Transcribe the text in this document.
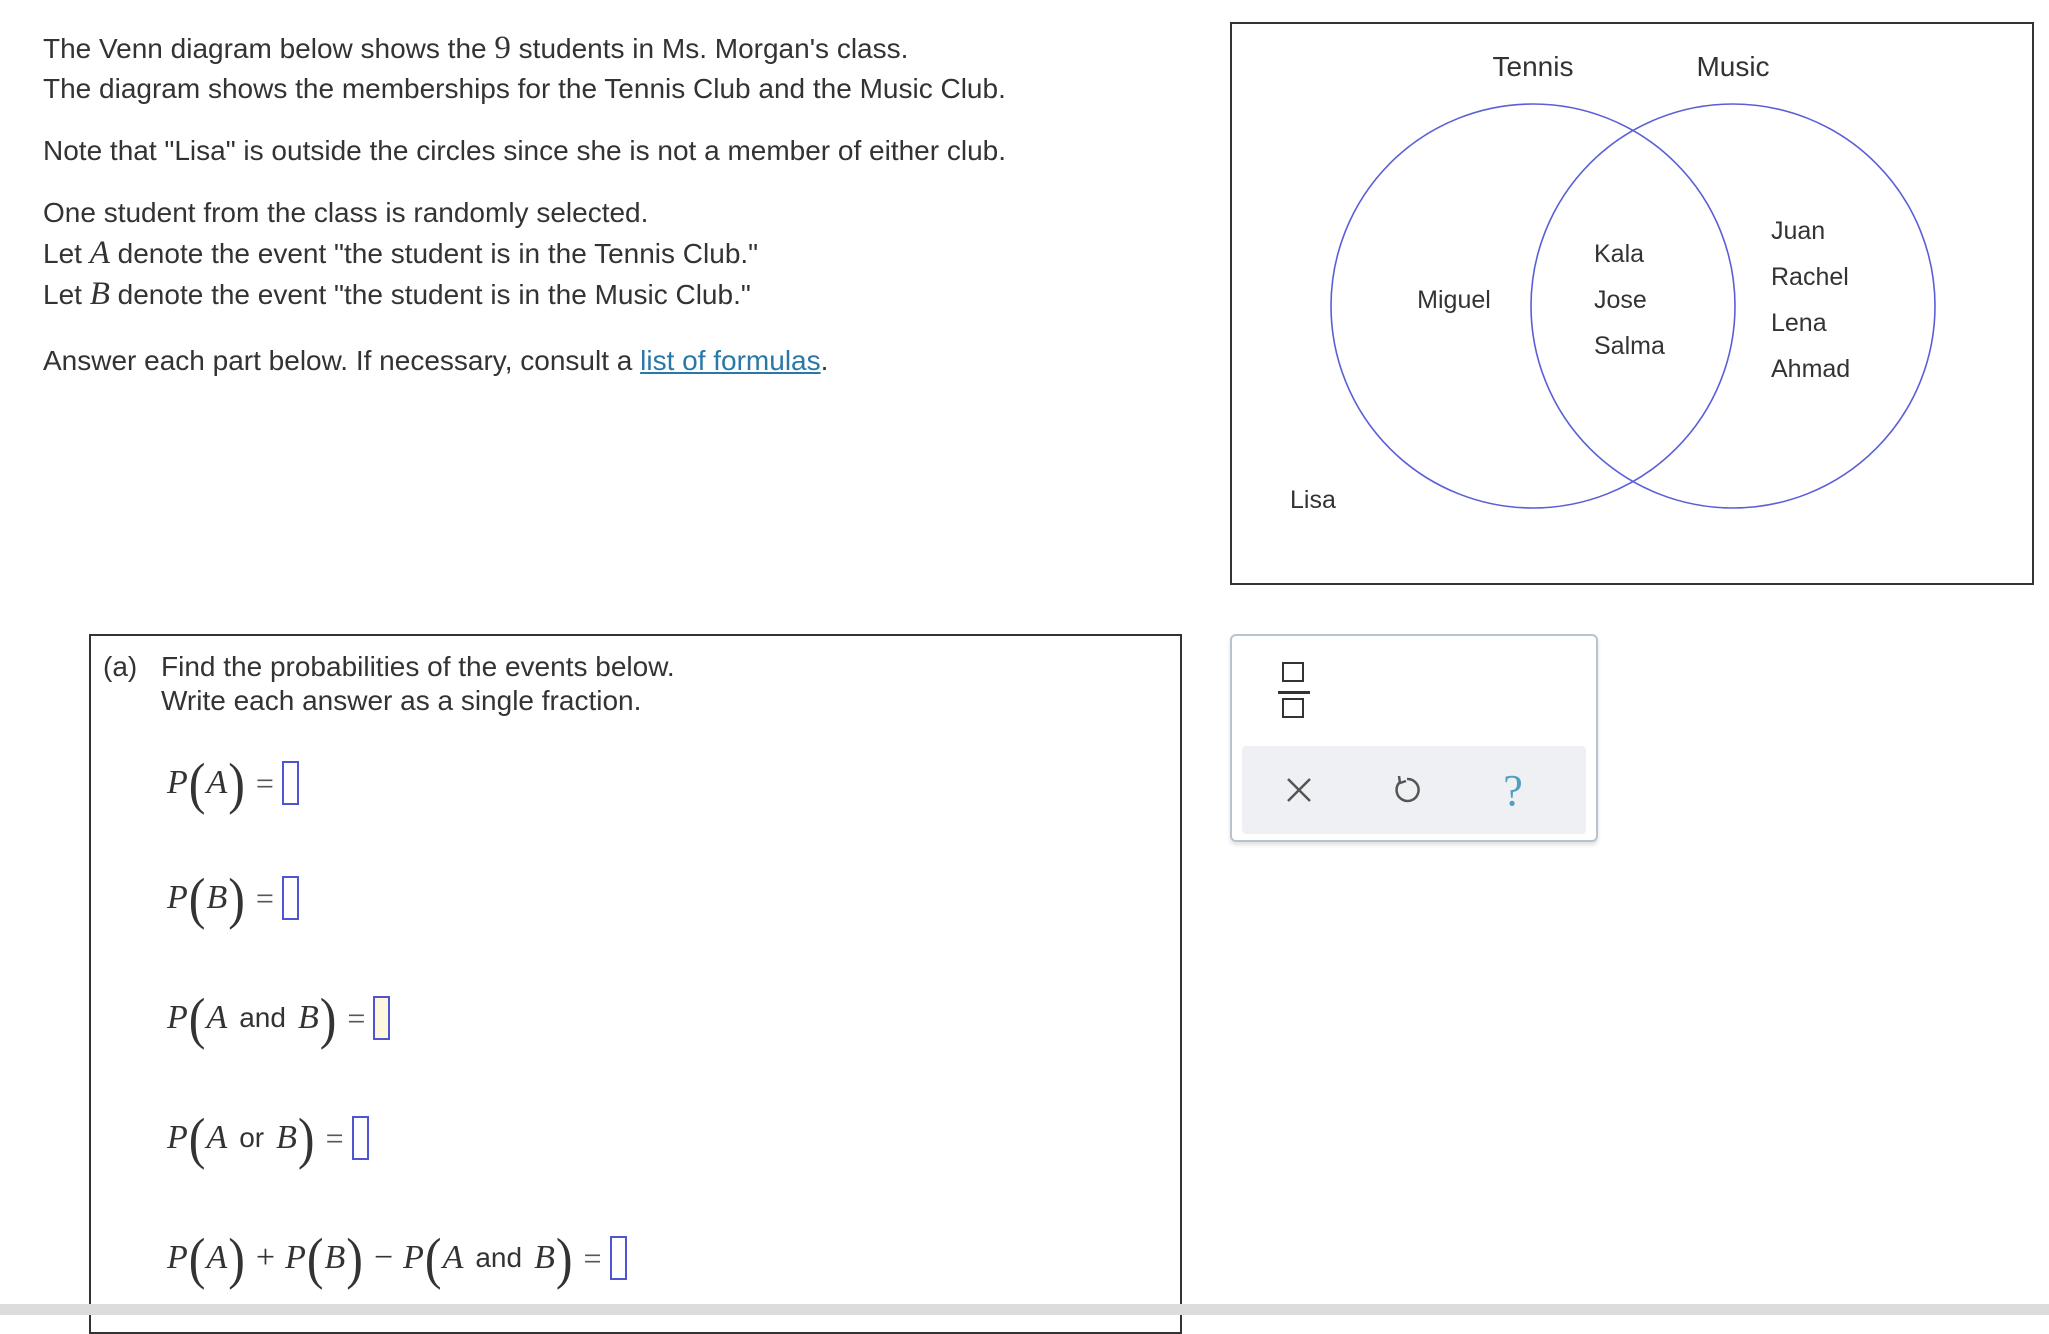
The Venn diagram below shows the 9 students in Ms. Morgan's class.

The diagram shows the memberships for the Tennis Club and the Music Club.

Note that "Lisa" is outside the circles since she is not a member of either club.

One student from the class is randomly selected.

Let A denote the event "the student is in the Tennis Club."

Let B denote the event "the student is in the Music Club."

Answer each part below. If necessary, consult a list of formulas.

Tennis	Music
Miguel
Kala
Jose
Salma
Juan
Rachel
Lena
Ahmad
Lisa
(a) Find the probabilities of the events below.
Write each answer as a single fraction.
P ( A ) =
P ( B ) =
P ( A and B ) =
P ( A or B ) =
P ( A ) + P ( B ) − P ( A and B ) =
?
